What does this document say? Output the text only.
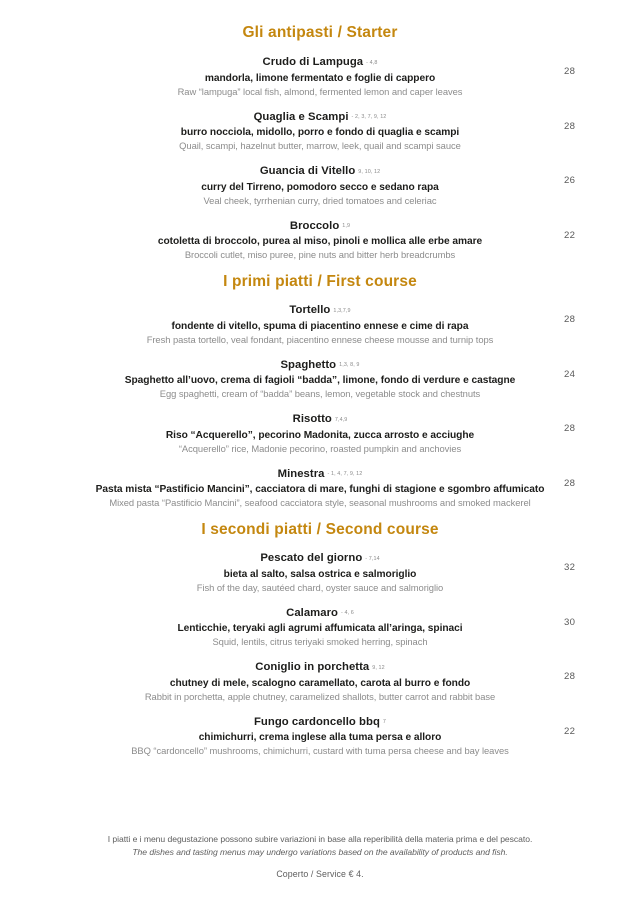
Gli antipasti / Starter
Crudo di Lampuga - 4,8
mandorla, limone fermentato e foglie di cappero
Raw “lampuga” local fish, almond, fermented lemon and caper leaves
28
Quaglia e Scampi - 2, 3, 7, 9, 12
burro nocciola, midollo, porro e fondo di quaglia e scampi
Quail, scampi, hazelnut butter, marrow, leek, quail and scampi sauce
28
Guancia di Vitello 9, 10, 12
curry del Tirreno, pomodoro secco e sedano rapa
Veal cheek, tyrrhenian curry, dried tomatoes and celeriac
26
Broccolo 1,9
cotoletta di broccolo, purea al miso, pinoli e mollica alle erbe amare
Broccoli cutlet, miso puree, pine nuts and bitter herb breadcrumbs
22
I primi piatti / First course
Tortello 1,3,7,9
fondente di vitello, spuma di piacentino ennese e cime di rapa
Fresh pasta tortello, veal fondant, piacentino ennese cheese mousse and turnip tops
28
Spaghetto 1,3, 8, 9
Spaghetto all’uovo, crema di fagioli “badda”, limone, fondo di verdure e castagne
Egg spaghetti, cream of “badda” beans, lemon, vegetable stock and chestnuts
24
Risotto 7,4,9
Riso “Acquerello”, pecorino Madonita, zucca arrosto e acciughe
“Acquerello” rice, Madonie pecorino, roasted pumpkin and anchovies
28
Minestra - 1, 4, 7, 9, 12
Pasta mista “Pastificio Mancini”, cacciatora di mare, funghi di stagione e sgombro affumicato
Mixed pasta “Pastificio Mancini”, seafood cacciatora style, seasonal mushrooms and smoked mackerel
28
I secondi piatti / Second course
Pescato del giorno - 7,14
bieta al salto, salsa ostrica e salmoriglio
Fish of the day, sautéed chard, oyster sauce and salmoriglio
32
Calamaro - 4, 6
Lenticchie, teryaki agli agrumi affumicata all’aringa, spinaci
Squid, lentils, citrus teriyaki smoked herring, spinach
30
Coniglio in porchetta 9, 12
chutney di mele, scalogno caramellato, carota al burro e fondo
Rabbit in porchetta, apple chutney, caramelized shallots, butter carrot and rabbit base
28
Fungo cardoncello bbq 7
chimichurri, crema inglese alla tuma persa e alloro
BBQ “cardoncello” mushrooms, chimichurri, custard with tuma persa cheese and bay leaves
22
I piatti e i menu degustazione possono subire variazioni in base alla reperibilità della materia prima e del pescato.
The dishes and tasting menus may undergo variations based on the availability of products and fish.
Coperto / Service € 4.
